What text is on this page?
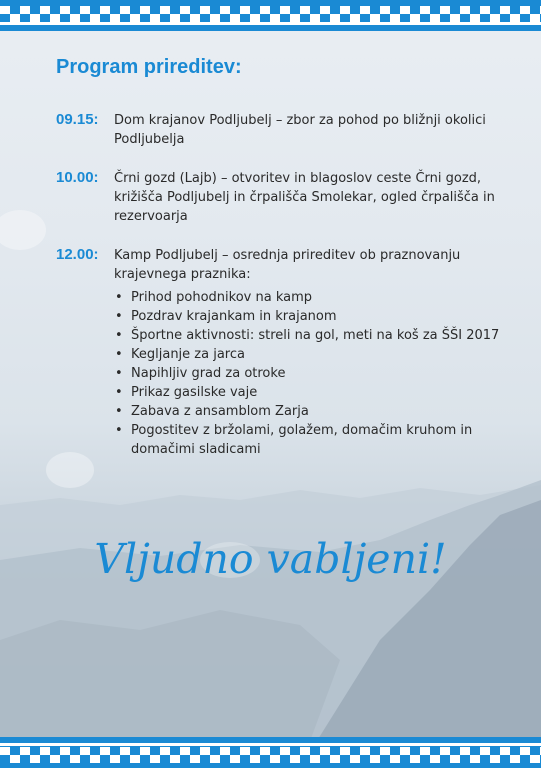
Program prireditev:
09.15: Dom krajanov Podljubelj – zbor za pohod po bližnji okolici Podljubelja
10.00: Črni gozd (Lajb) – otvoritev in blagoslov ceste Črni gozd, križišča Podljubelj in črpališča Smolekar, ogled črpališča in rezervoarja
12.00: Kamp Podljubelj – osrednja prireditev ob praznovanju krajevnega praznika:
• Prihod pohodnikov na kamp
• Pozdrav krajankam in krajanom
• Športne aktivnosti: streli na gol, meti na koš za ŠŠI 2017
• Kegljanje za jarca
• Napihljiv grad za otroke
• Prikaz gasilske vaje
• Zabava z ansamblom Zarja
• Pogostitev z bržolami, golažem, domačim kruhom in domačimi sladicami
Vljudno vabljeni!
